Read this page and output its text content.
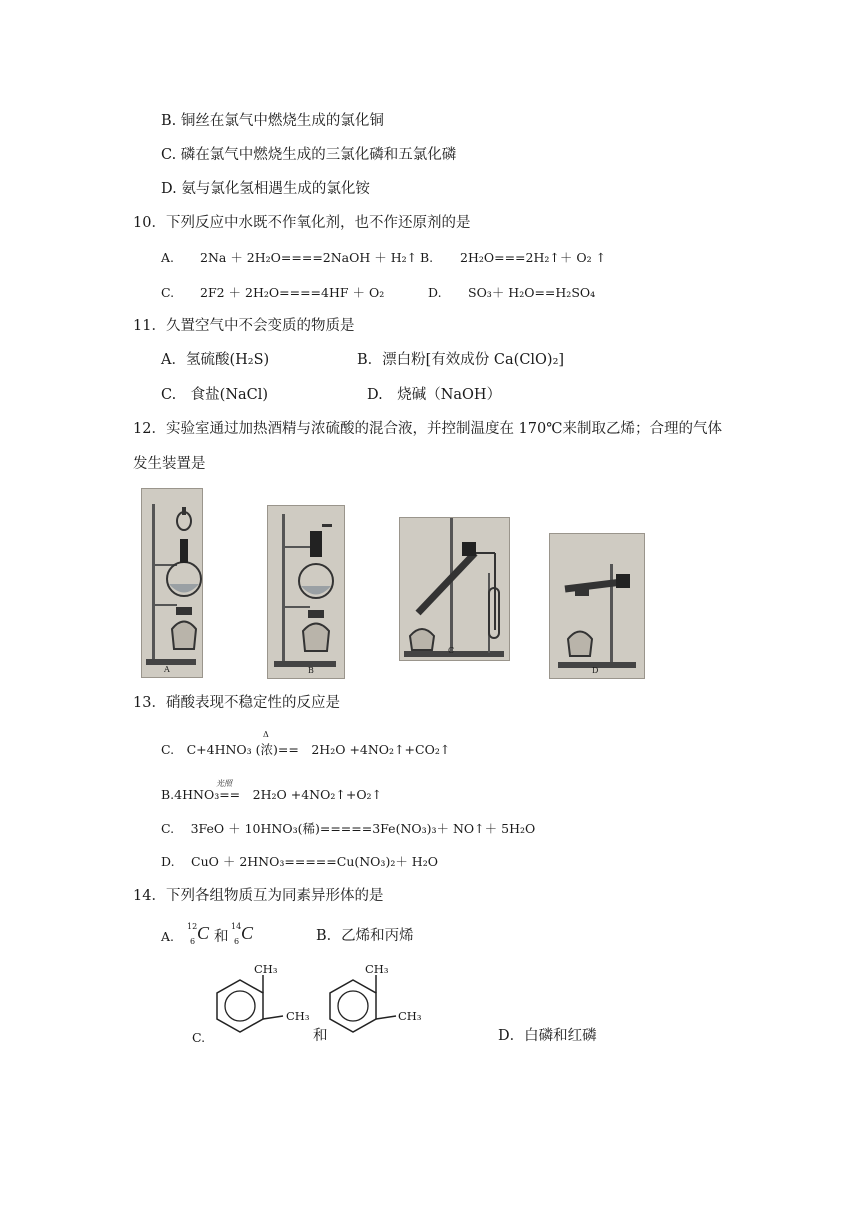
B. 铜丝在氯气中燃烧生成的氯化铜
C. 磷在氯气中燃烧生成的三氯化磷和五氯化磷
D. 氨与氯化氢相遇生成的氯化铵
10．下列反应中水既不作氧化剂，也不作还原剂的是
A. 2Na ＋ 2H₂O====2NaOH ＋ H₂↑ B. 2H₂O===2H₂↑＋ O₂ ↑
C. 2F2 ＋ 2H₂O====4HF ＋ O₂	D. SO₃＋ H₂O==H₂SO₄
11．久置空气中不会变质的物质是
A．氢硫酸(H₂S)	B．漂白粉[有效成份 Ca(ClO)₂]
C.　食盐(NaCl)	D.　烧碱（NaOH）
12．实验室通过加热酒精与浓硫酸的混合液，并控制温度在 170℃来制取乙烯；合理的气体
发生装置是
A	B
C
D
13．硝酸表现不稳定性的反应是
Δ
C.　C+4HNO₃ (浓)==　2H₂O +4NO₂↑+CO₂↑
光照
B.4HNO₃==　2H₂O +4NO₂↑+O₂↑
C.　 3FeO ＋ 10HNO₃(稀)=====3Fe(NO₃)₃＋ NO↑＋ 5H₂O
D.　 CuO ＋ 2HNO₃=====Cu(NO₃)₂＋ H₂O
14．下列各组物质互为同素异形体的是
A.
12
6 C 和
14
6 C	B．乙烯和丙烯
CH₃
CH₃
CH₃
CH₃
C.	和	D．白磷和红磷
